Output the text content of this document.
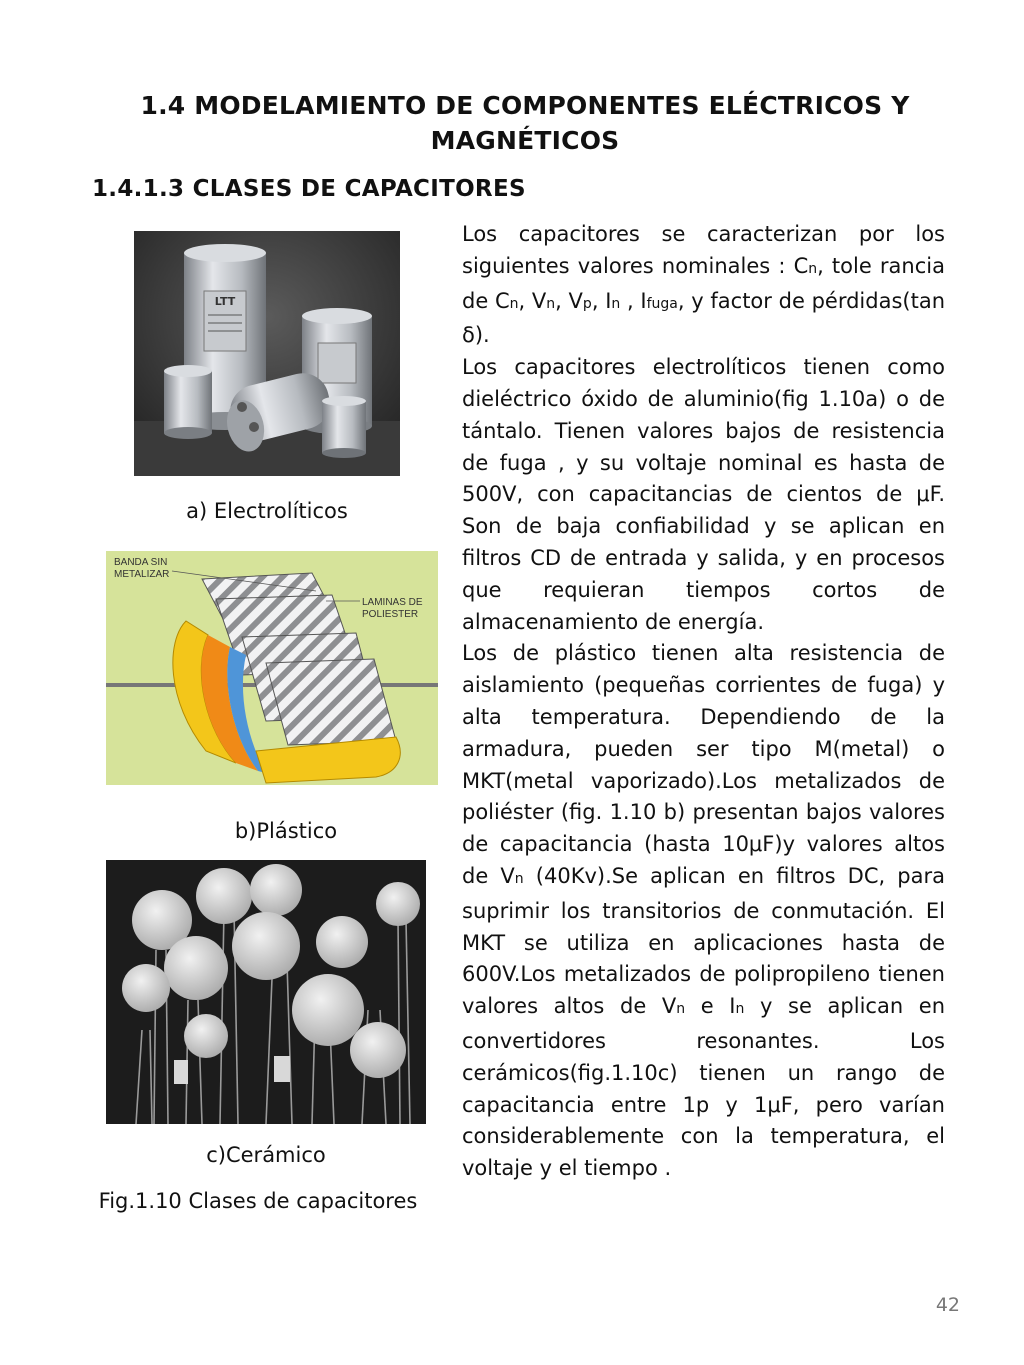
1.4 MODELAMIENTO DE COMPONENTES ELÉCTRICOS Y
MAGNÉTICOS
1.4.1.3 CLASES DE CAPACITORES
LTT
a) Electrolíticos
BANDA SIN
METALIZAR
LAMINAS DE
POLIESTER
b)Plástico
c)Cerámico
Fig.1.10 Clases de capacitores

Los capacitores se caracterizan por los siguientes valores nominales : Cn, tole rancia de Cn, Vn, Vp, In , Ifuga, y factor de pérdidas(tan δ).

Los capacitores electrolíticos tienen como dieléctrico óxido de aluminio(fig 1.10a) o de tántalo. Tienen valores bajos de resistencia de fuga , y su voltaje nominal es hasta de 500V, con capacitancias de cientos de μF. Son de baja confiabilidad y se aplican en filtros CD de entrada y salida, y en procesos que requieran tiempos cortos de almacenamiento de energía.

Los de plástico tienen alta resistencia de aislamiento (pequeñas corrientes de fuga) y alta temperatura. Dependiendo de la armadura, pueden ser tipo M(metal) o MKT(metal vaporizado).Los metalizados de poliéster (fig. 1.10 b) presentan bajos valores de capacitancia (hasta 10μF)y valores altos de Vn (40Kv).Se aplican en filtros DC, para suprimir los transitorios de conmutación. El MKT se utiliza en aplicaciones hasta de 600V.Los metalizados de polipropileno tienen valores altos de Vn e In y se aplican en convertidores resonantes. Los cerámicos(fig.1.10c) tienen un rango de capacitancia entre 1p y 1μF, pero varían considerablemente con la temperatura, el voltaje y el tiempo .

42
